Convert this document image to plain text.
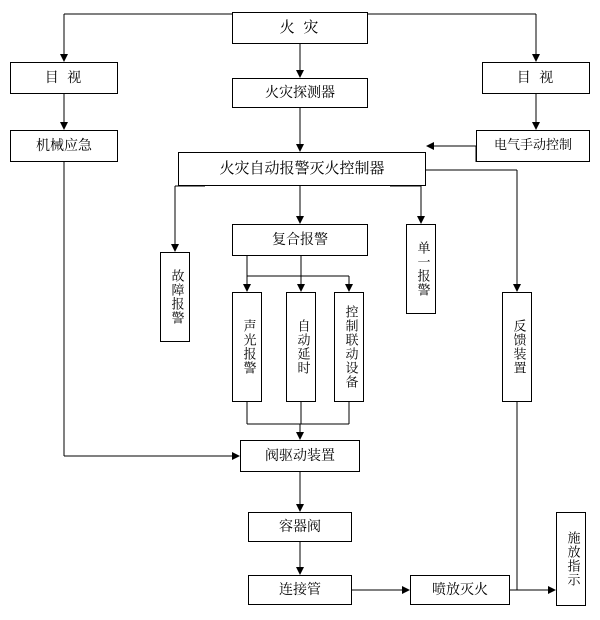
火 灾
目 视
火灾探测器
目 视
机械应急	电气手动控制
火灾自动报警灭火控制器
故障报警
复合报警
单一报警
反馈装置
声光报警	自动延时	控制联动设备
阀驱动装置
容器阀
连接管	喷放灭火
施放指示
